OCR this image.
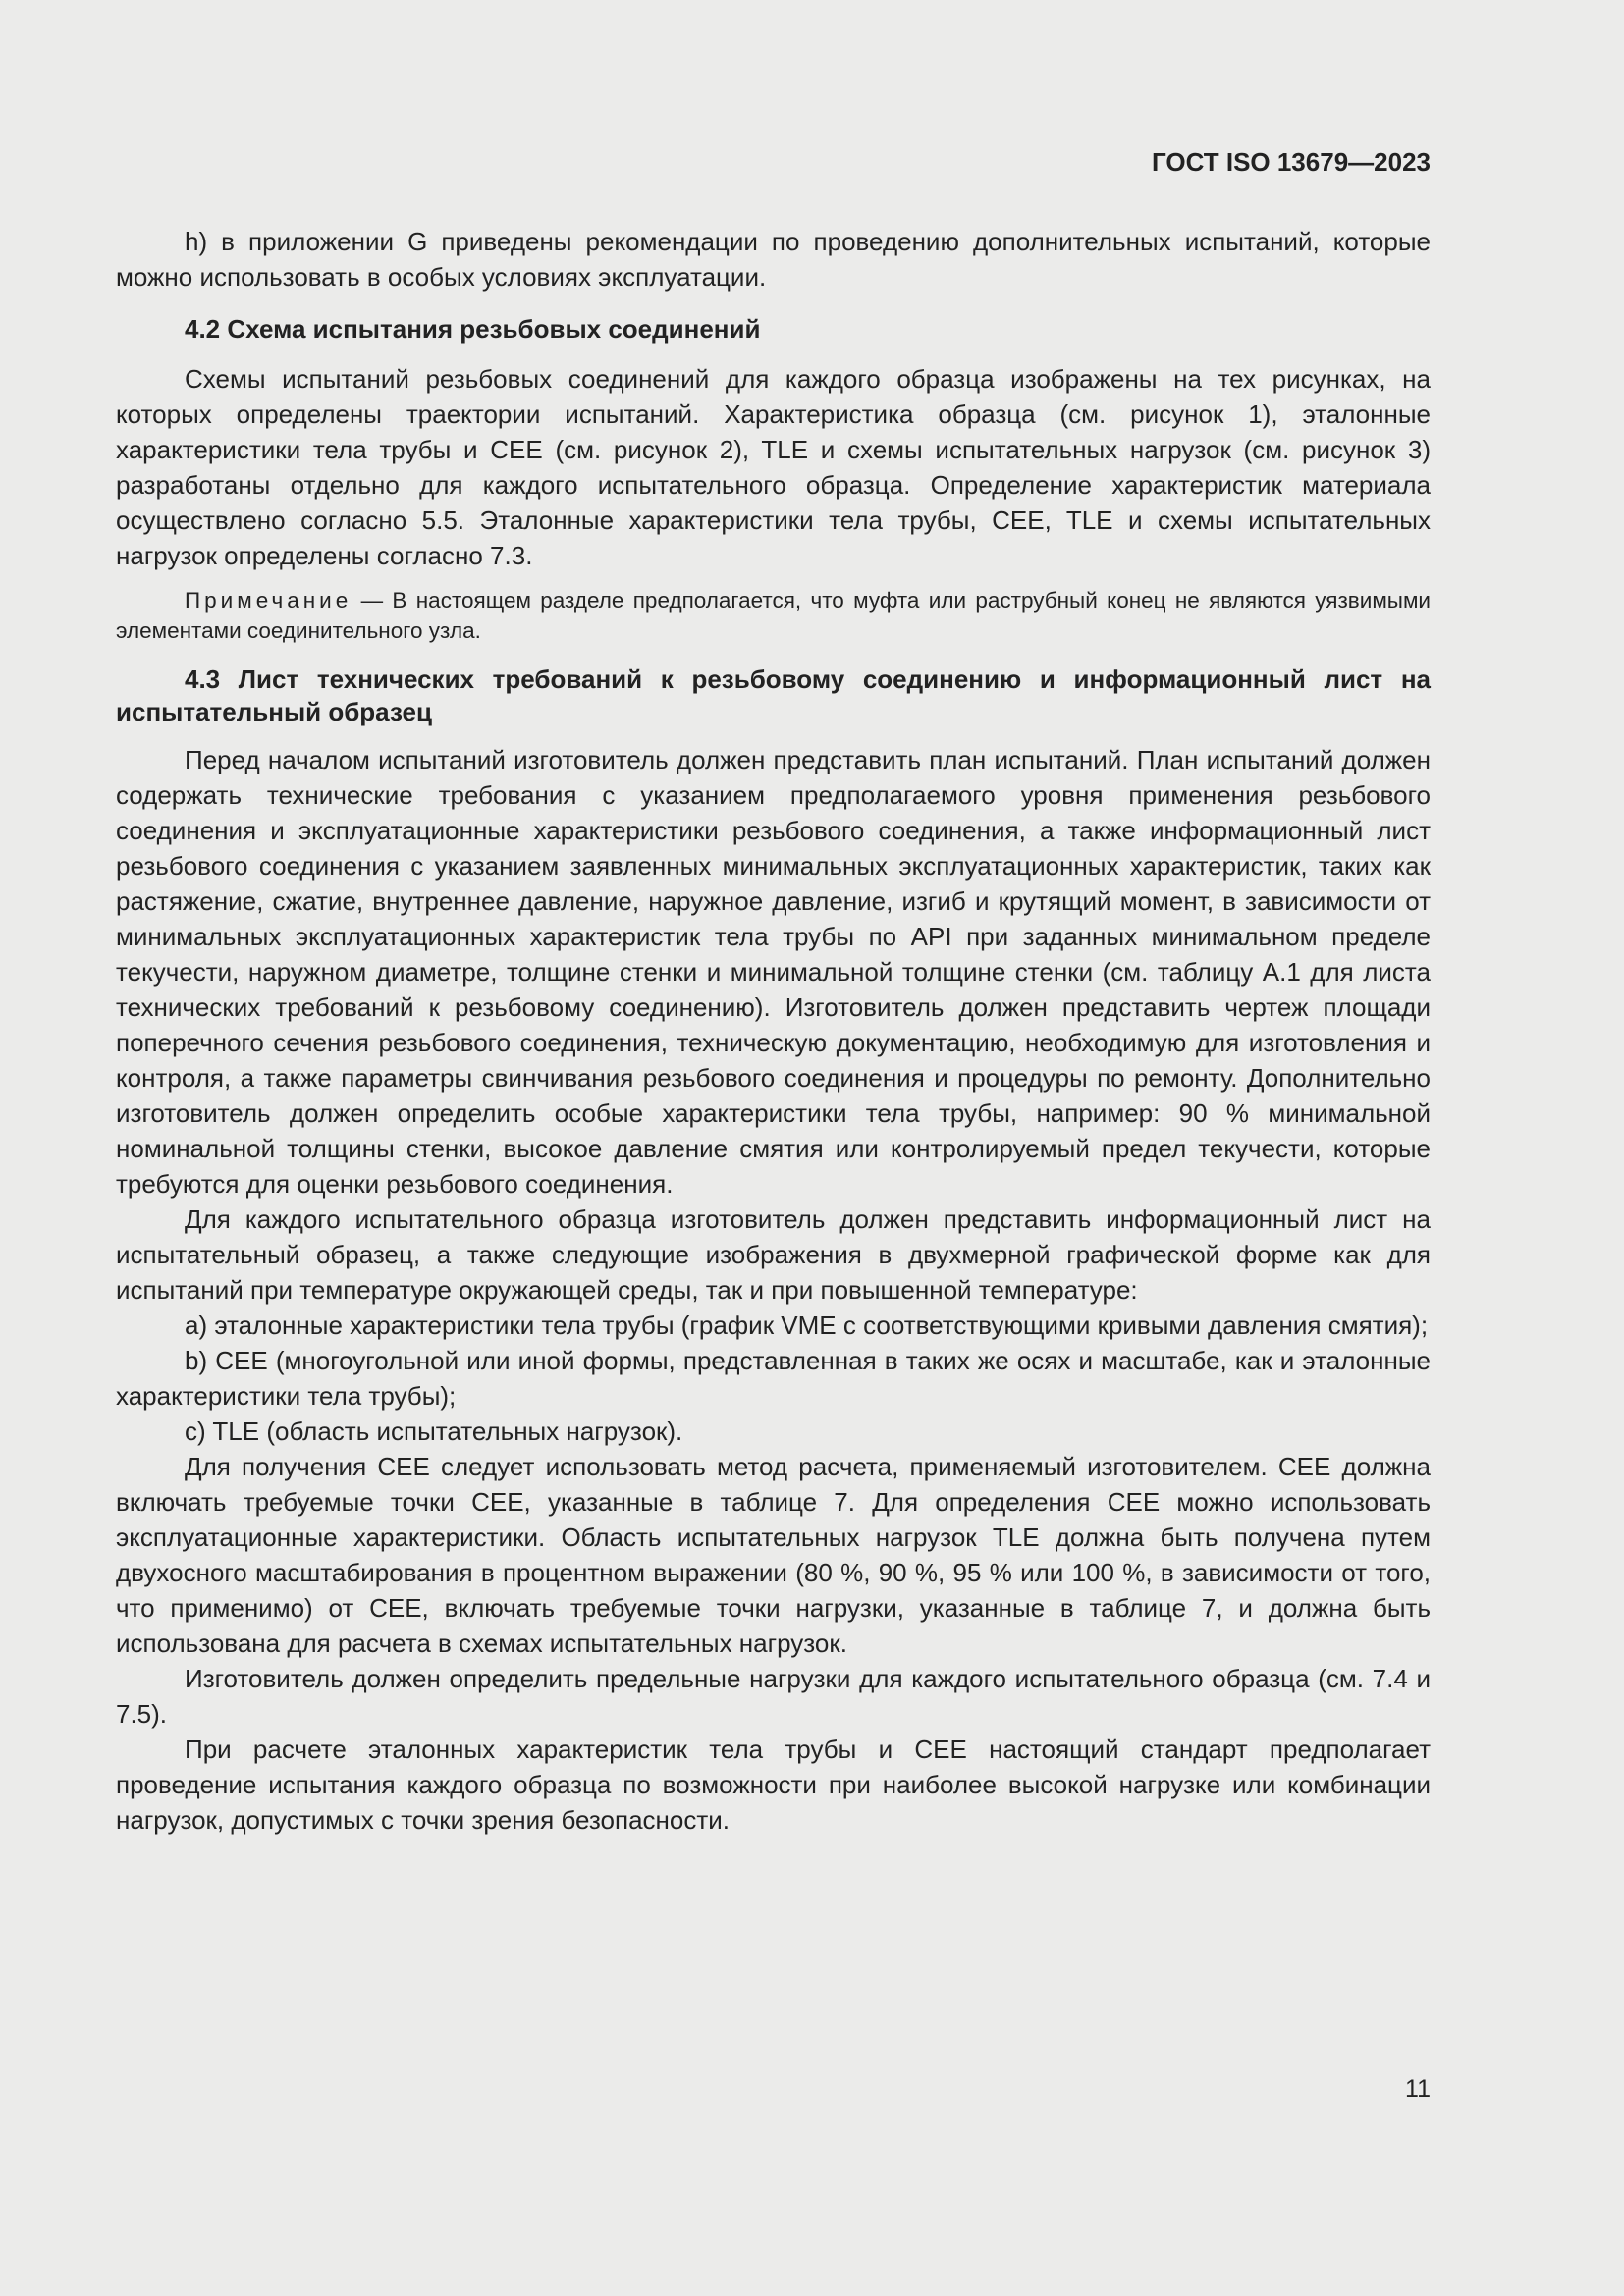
ГОСТ ISO 13679—2023

h) в приложении G приведены рекомендации по проведению дополнительных испытаний, которые можно использовать в особых условиях эксплуатации.

4.2 Схема испытания резьбовых соединений

Схемы испытаний резьбовых соединений для каждого образца изображены на тех рисунках, на которых определены траектории испытаний. Характеристика образца (см. рисунок 1), эталонные характеристики тела трубы и CEE (см. рисунок 2), TLE и схемы испытательных нагрузок (см. рисунок 3) разработаны отдельно для каждого испытательного образца. Определение характеристик материала осуществлено согласно 5.5. Эталонные характеристики тела трубы, CEE, TLE и схемы испытательных нагрузок определены согласно 7.3.

Примечание — В настоящем разделе предполагается, что муфта или раструбный конец не являются уязвимыми элементами соединительного узла.

4.3 Лист технических требований к резьбовому соединению и информационный лист на испытательный образец

Перед началом испытаний изготовитель должен представить план испытаний. План испытаний должен содержать технические требования с указанием предполагаемого уровня применения резьбового соединения и эксплуатационные характеристики резьбового соединения, а также информационный лист резьбового соединения с указанием заявленных минимальных эксплуатационных характеристик, таких как растяжение, сжатие, внутреннее давление, наружное давление, изгиб и крутящий момент, в зависимости от минимальных эксплуатационных характеристик тела трубы по API при заданных минимальном пределе текучести, наружном диаметре, толщине стенки и минимальной толщине стенки (см. таблицу А.1 для листа технических требований к резьбовому соединению). Изготовитель должен представить чертеж площади поперечного сечения резьбового соединения, техническую документацию, необходимую для изготовления и контроля, а также параметры свинчивания резьбового соединения и процедуры по ремонту. Дополнительно изготовитель должен определить особые характеристики тела трубы, например: 90 % минимальной номинальной толщины стенки, высокое давление смятия или контролируемый предел текучести, которые требуются для оценки резьбового соединения.

Для каждого испытательного образца изготовитель должен представить информационный лист на испытательный образец, а также следующие изображения в двухмерной графической форме как для испытаний при температуре окружающей среды, так и при повышенной температуре:

a) эталонные характеристики тела трубы (график VME с соответствующими кривыми давления смятия);

b) CEE (многоугольной или иной формы, представленная в таких же осях и масштабе, как и эталонные характеристики тела трубы);

c) TLE (область испытательных нагрузок).

Для получения CEE следует использовать метод расчета, применяемый изготовителем. CEE должна включать требуемые точки CEE, указанные в таблице 7. Для определения CEE можно использовать эксплуатационные характеристики. Область испытательных нагрузок TLE должна быть получена путем двухосного масштабирования в процентном выражении (80 %, 90 %, 95 % или 100 %, в зависимости от того, что применимо) от CEE, включать требуемые точки нагрузки, указанные в таблице 7, и должна быть использована для расчета в схемах испытательных нагрузок.

Изготовитель должен определить предельные нагрузки для каждого испытательного образца (см. 7.4 и 7.5).

При расчете эталонных характеристик тела трубы и CEE настоящий стандарт предполагает проведение испытания каждого образца по возможности при наиболее высокой нагрузке или комбинации нагрузок, допустимых с точки зрения безопасности.

11
